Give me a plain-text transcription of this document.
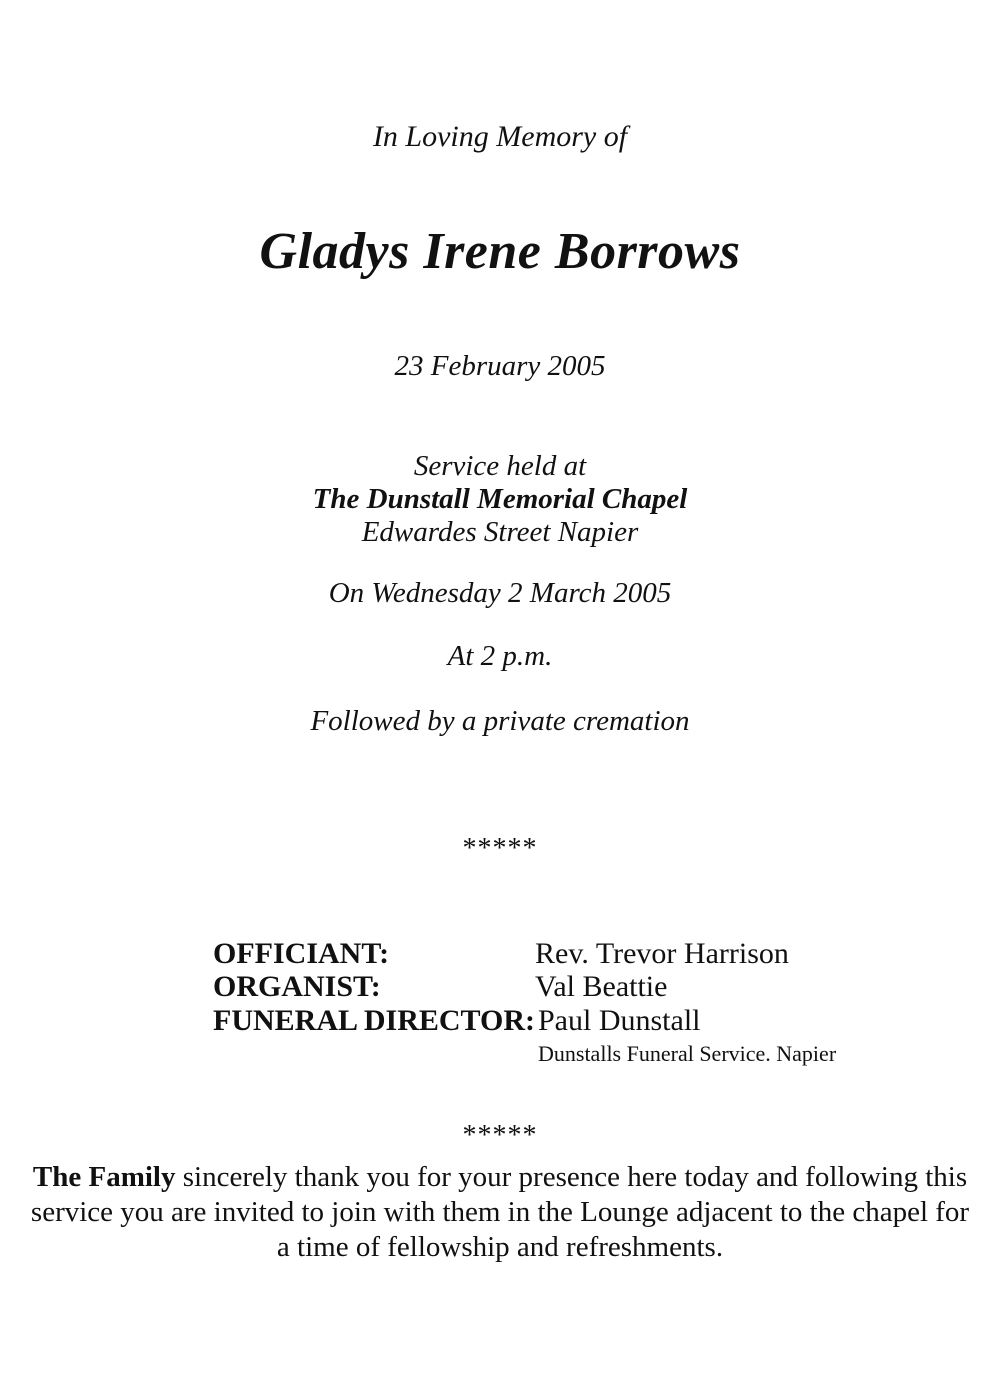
In Loving Memory of
Gladys Irene Borrows
23 February 2005
Service held at
The Dunstall Memorial Chapel
Edwardes Street Napier
On Wednesday 2 March 2005
At 2 p.m.
Followed by a private cremation
*****
OFFICIANT:	Rev. Trevor Harrison
ORGANIST:	Val Beattie
FUNERAL DIRECTOR: Paul Dunstall
Dunstalls Funeral Service. Napier
*****
The Family sincerely thank you for your presence here today and following this service you are invited to join with them in the Lounge adjacent to the chapel for a time of fellowship and refreshments.
